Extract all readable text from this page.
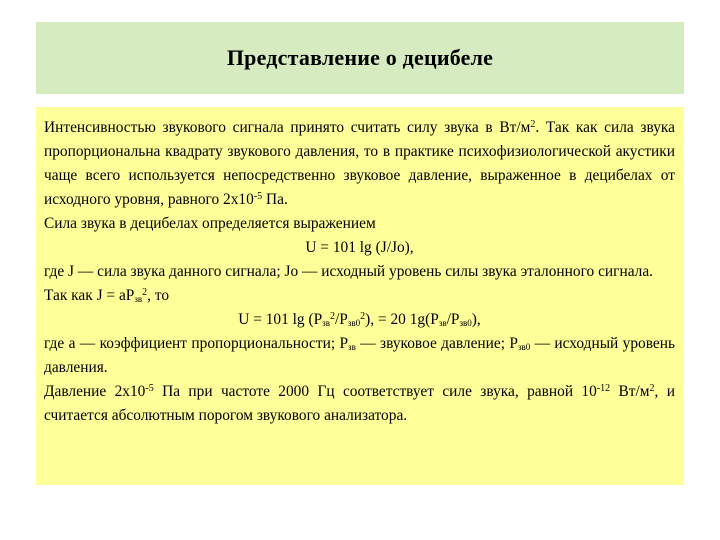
Представление о децибеле

Интенсивностью звукового сигнала принято считать силу звука в $Вт/м^2$. Так как сила звука пропорциональна квадрату звукового давления, то в практике психофизиологической акустики чаще всего используется непосредственно звуковое давление, выраженное в децибелах от исходного уровня, равного $2х10^{-5}$ Па.

Сила звука в децибелах определяется выражением

U = 101 lg (J/Jo),

где J — сила звука данного сигнала; Jo — исходный уровень силы звука эталонного сигнала.

Так как $J = aP_{зв}^2$, то

U = 101 $\lg (P_{зв}^2/P_{зв0}^2)$, = 20 $1g(P_{зв}/P_{зв0})$,

где a — коэффициент пропорциональности; $P_{зв}$ — звуковое давление; $P_{зв0}$ — исходный уровень давления.

Давление $2х10^{-5}$ Па при частоте 2000 Гц соответствует силе звука, равной $10^{-12}$ $Вт/м^2$, и считается абсолютным порогом звукового анализатора.
